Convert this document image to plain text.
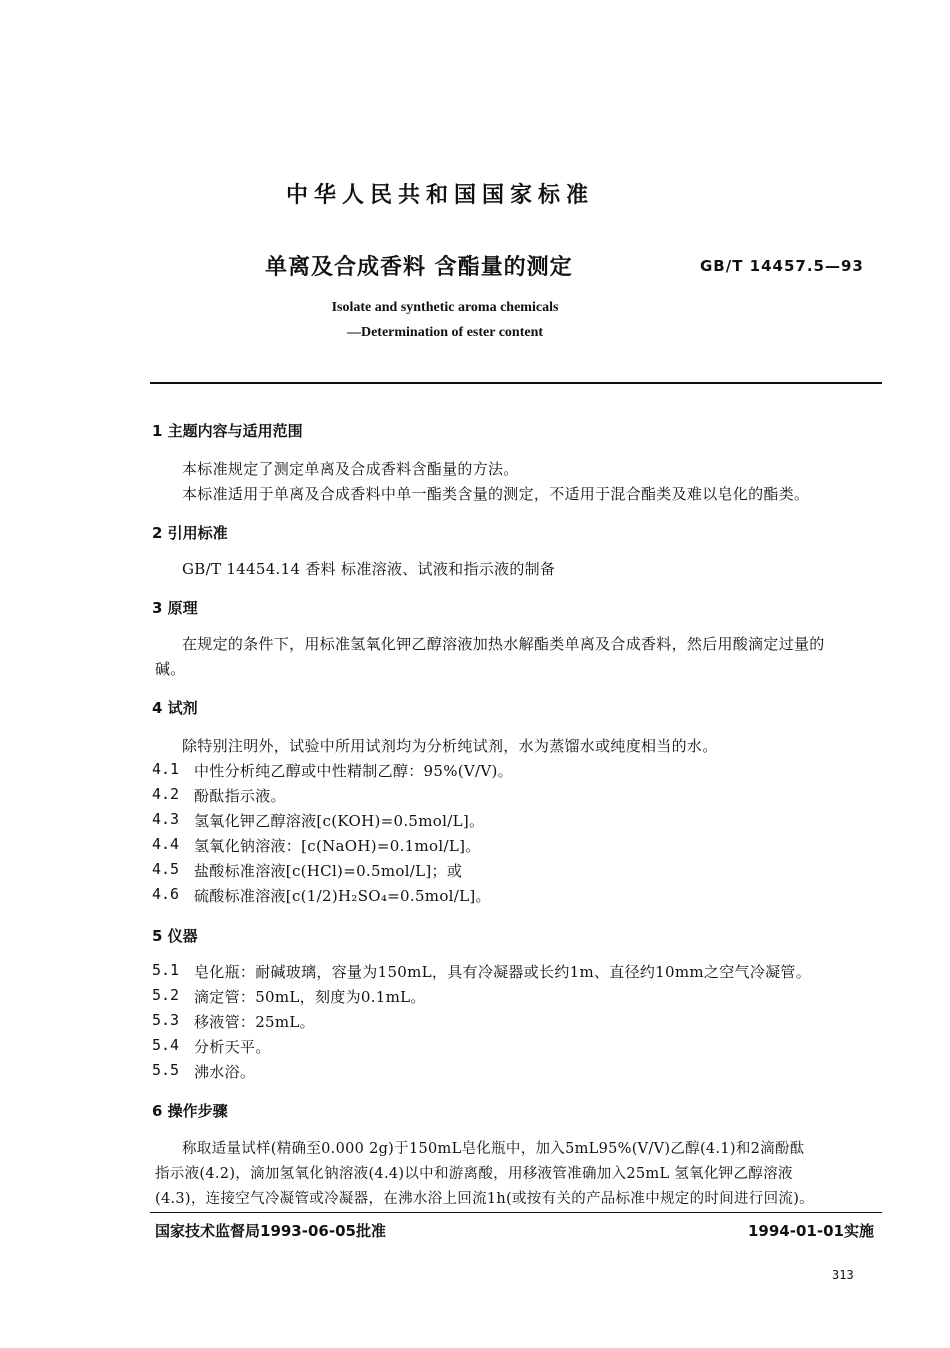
中华人民共和国国家标准
单离及合成香料 含酯量的测定	GB/T 14457.5—93
Isolate and synthetic aroma chemicals
—Determination of ester content
1 主题内容与适用范围
本标准规定了测定单离及合成香料含酯量的方法。
本标准适用于单离及合成香料中单一酯类含量的测定，不适用于混合酯类及难以皂化的酯类。
2 引用标准
GB/T 14454.14 香料 标准溶液、试液和指示液的制备
3 原理
在规定的条件下，用标准氢氧化钾乙醇溶液加热水解酯类单离及合成香料，然后用酸滴定过量的
碱。
4 试剂
除特别注明外，试验中所用试剂均为分析纯试剂，水为蒸馏水或纯度相当的水。
4.1 中性分析纯乙醇或中性精制乙醇：95%(V/V)。
4.2 酚酞指示液。
4.3 氢氧化钾乙醇溶液[c(KOH)=0.5mol/L]。
4.4 氢氧化钠溶液：[c(NaOH)=0.1mol/L]。
4.5 盐酸标准溶液[c(HCl)=0.5mol/L]；或
4.6 硫酸标准溶液[c(1/2)H₂SO₄=0.5mol/L]。
5 仪器
5.1 皂化瓶：耐碱玻璃，容量为150mL，具有冷凝器或长约1m、直径约10mm之空气冷凝管。
5.2 滴定管：50mL，刻度为0.1mL。
5.3 移液管：25mL。
5.4 分析天平。
5.5 沸水浴。
6 操作步骤
称取适量试样(精确至0.000 2g)于150mL皂化瓶中，加入5mL95%(V/V)乙醇(4.1)和2滴酚酞
指示液(4.2)，滴加氢氧化钠溶液(4.4)以中和游离酸，用移液管准确加入25mL 氢氧化钾乙醇溶液
(4.3)，连接空气冷凝管或冷凝器，在沸水浴上回流1h(或按有关的产品标准中规定的时间进行回流)。
国家技术监督局1993-06-05批准	1994-01-01实施
313
